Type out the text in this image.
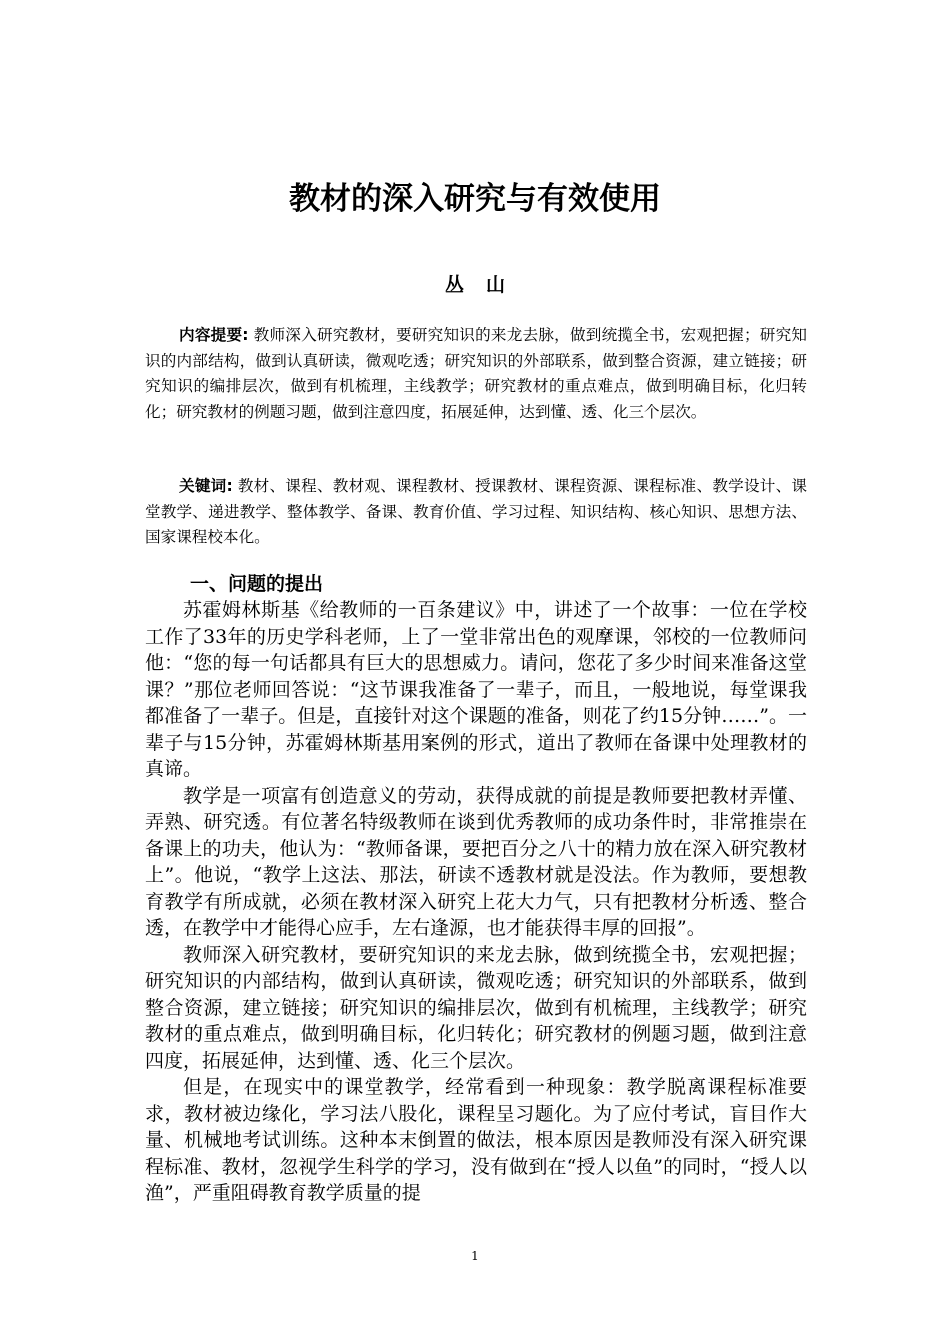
教材的深入研究与有效使用
丛山

内容提要: 教师深入研究教材，要研究知识的来龙去脉，做到统揽全书，宏观把握；研究知识的内部结构，做到认真研读，微观吃透；研究知识的外部联系，做到整合资源，建立链接；研究知识的编排层次，做到有机梳理，主线教学；研究教材的重点难点，做到明确目标，化归转化；研究教材的例题习题，做到注意四度，拓展延伸，达到懂、透、化三个层次。

关键词: 教材、课程、教材观、课程教材、授课教材、课程资源、课程标准、教学设计、课堂教学、递进教学、整体教学、备课、教育价值、学习过程、知识结构、核心知识、思想方法、国家课程校本化。

一、问题的提出

苏霍姆林斯基《给教师的一百条建议》中，讲述了一个故事：一位在学校工作了33年的历史学科老师，上了一堂非常出色的观摩课，邻校的一位教师问他：“您的每一句话都具有巨大的思想威力。请问，您花了多少时间来准备这堂课？”那位老师回答说：“这节课我准备了一辈子，而且，一般地说，每堂课我都准备了一辈子。但是，直接针对这个课题的准备，则花了约15分钟……”。一辈子与15分钟，苏霍姆林斯基用案例的形式，道出了教师在备课中处理教材的真谛。

教学是一项富有创造意义的劳动，获得成就的前提是教师要把教材弄懂、弄熟、研究透。有位著名特级教师在谈到优秀教师的成功条件时，非常推崇在备课上的功夫，他认为：“教师备课，要把百分之八十的精力放在深入研究教材上”。他说，“教学上这法、那法，研读不透教材就是没法。作为教师，要想教育教学有所成就，必须在教材深入研究上花大力气，只有把教材分析透、整合透，在教学中才能得心应手，左右逢源，也才能获得丰厚的回报”。

教师深入研究教材，要研究知识的来龙去脉，做到统揽全书，宏观把握；研究知识的内部结构，做到认真研读，微观吃透；研究知识的外部联系，做到整合资源，建立链接；研究知识的编排层次，做到有机梳理，主线教学；研究教材的重点难点，做到明确目标，化归转化；研究教材的例题习题，做到注意四度，拓展延伸，达到懂、透、化三个层次。

但是，在现实中的课堂教学，经常看到一种现象：教学脱离课程标准要求，教材被边缘化，学习法八股化，课程呈习题化。为了应付考试，盲目作大量、机械地考试训练。这种本末倒置的做法，根本原因是教师没有深入研究课程标准、教材，忽视学生科学的学习，没有做到在“授人以鱼”的同时，“授人以渔”，严重阻碍教育教学质量的提

1
